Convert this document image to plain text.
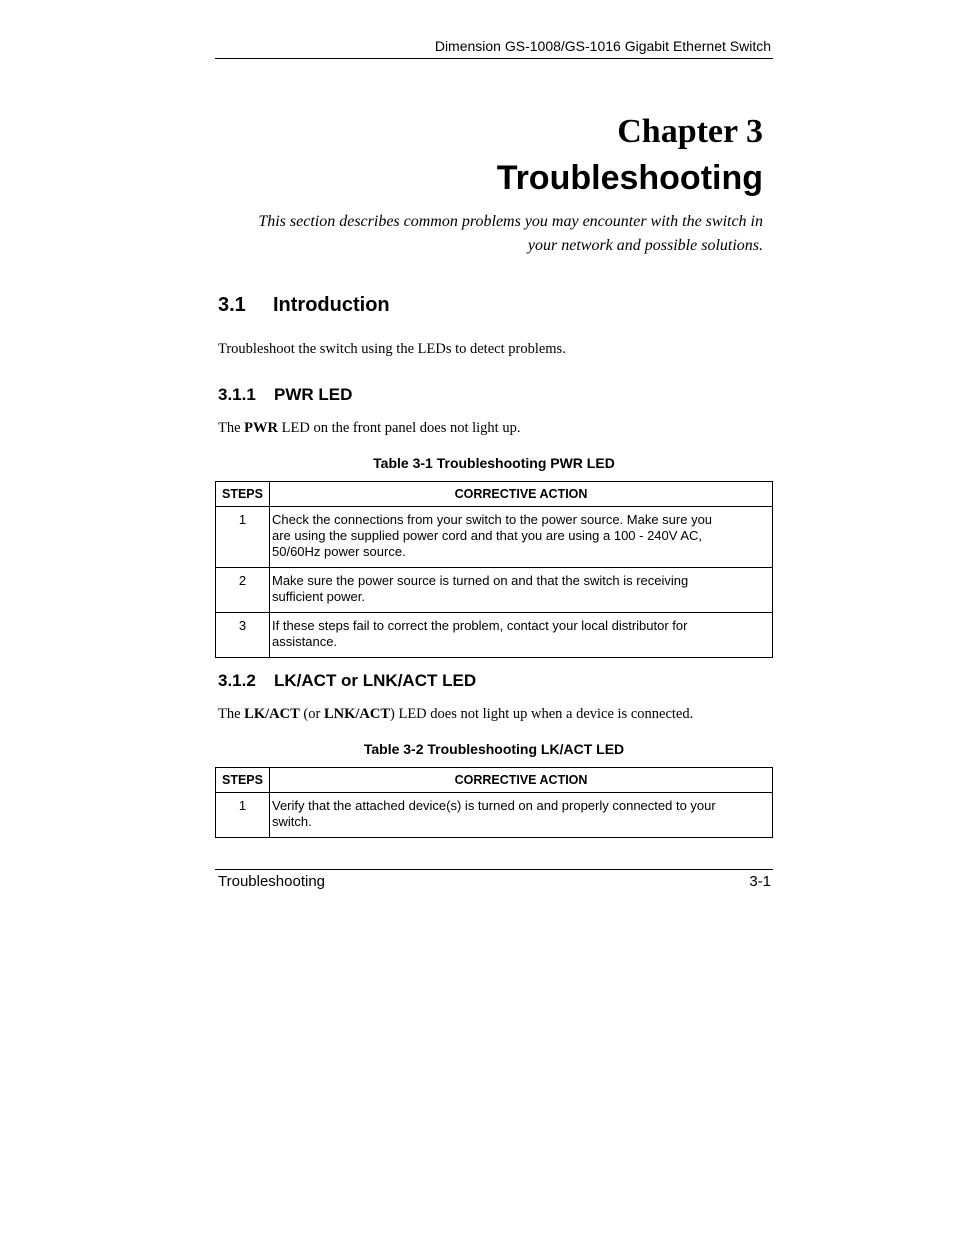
Dimension GS-1008/GS-1016 Gigabit Ethernet Switch
Chapter 3
Troubleshooting
This section describes common problems you may encounter with the switch in
your network and possible solutions.
3.1 Introduction
Troubleshoot the switch using the LEDs to detect problems.
3.1.1 PWR LED
The PWR LED on the front panel does not light up.
Table 3-1 Troubleshooting PWR LED
STEPS	CORRECTIVE ACTION
1	Check the connections from your switch to the power source. Make sure you
are using the supplied power cord and that you are using a 100 - 240V AC,
50/60Hz power source.

2	Make sure the power source is turned on and that the switch is receiving
sufficient power.

3	If these steps fail to correct the problem, contact your local distributor for
assistance.
3.1.2 LK/ACT or LNK/ACT LED
The LK/ACT (or LNK/ACT) LED does not light up when a device is connected.
Table 3-2 Troubleshooting LK/ACT LED
STEPS	CORRECTIVE ACTION
1	Verify that the attached device(s) is turned on and properly connected to your
switch.
Troubleshooting	3-1
